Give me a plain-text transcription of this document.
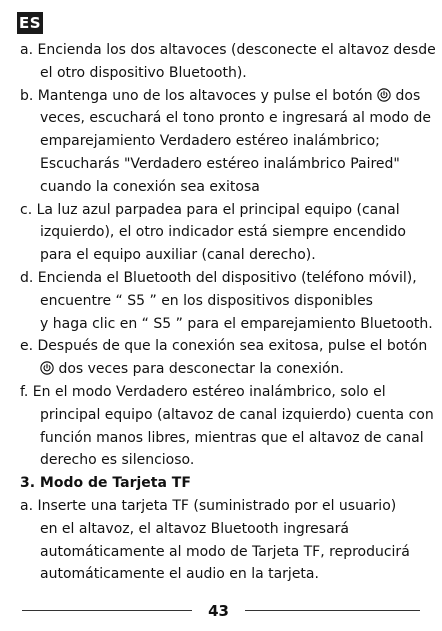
ES
a. Encienda los dos altavoces (desconecte el altavoz desde
el otro dispositivo Bluetooth).
b. Mantenga uno de los altavoces y pulse el botón  dos
veces, escuchará el tono pronto e ingresará al modo de
emparejamiento Verdadero estéreo inalámbrico;
Escucharás "Verdadero estéreo inalámbrico Paired"
cuando la conexión sea exitosa
c. La luz azul parpadea para el principal equipo (canal
izquierdo), el otro indicador está siempre encendido
para el equipo auxiliar (canal derecho).
d. Encienda el Bluetooth del dispositivo (teléfono móvil),
encuentre “ S5 ” en los dispositivos disponibles
y haga clic en “ S5 ” para el emparejamiento Bluetooth.
e. Después de que la conexión sea exitosa, pulse el botón
dos veces para desconectar la conexión.
f. En el modo Verdadero estéreo inalámbrico, solo el
principal equipo (altavoz de canal izquierdo) cuenta con
función manos libres, mientras que el altavoz de canal
derecho es silencioso.
3. Modo de Tarjeta TF
a. Inserte una tarjeta TF (suministrado por el usuario)
en el altavoz, el altavoz Bluetooth ingresará
automáticamente al modo de Tarjeta TF, reproducirá
automáticamente el audio en la tarjeta.
43
